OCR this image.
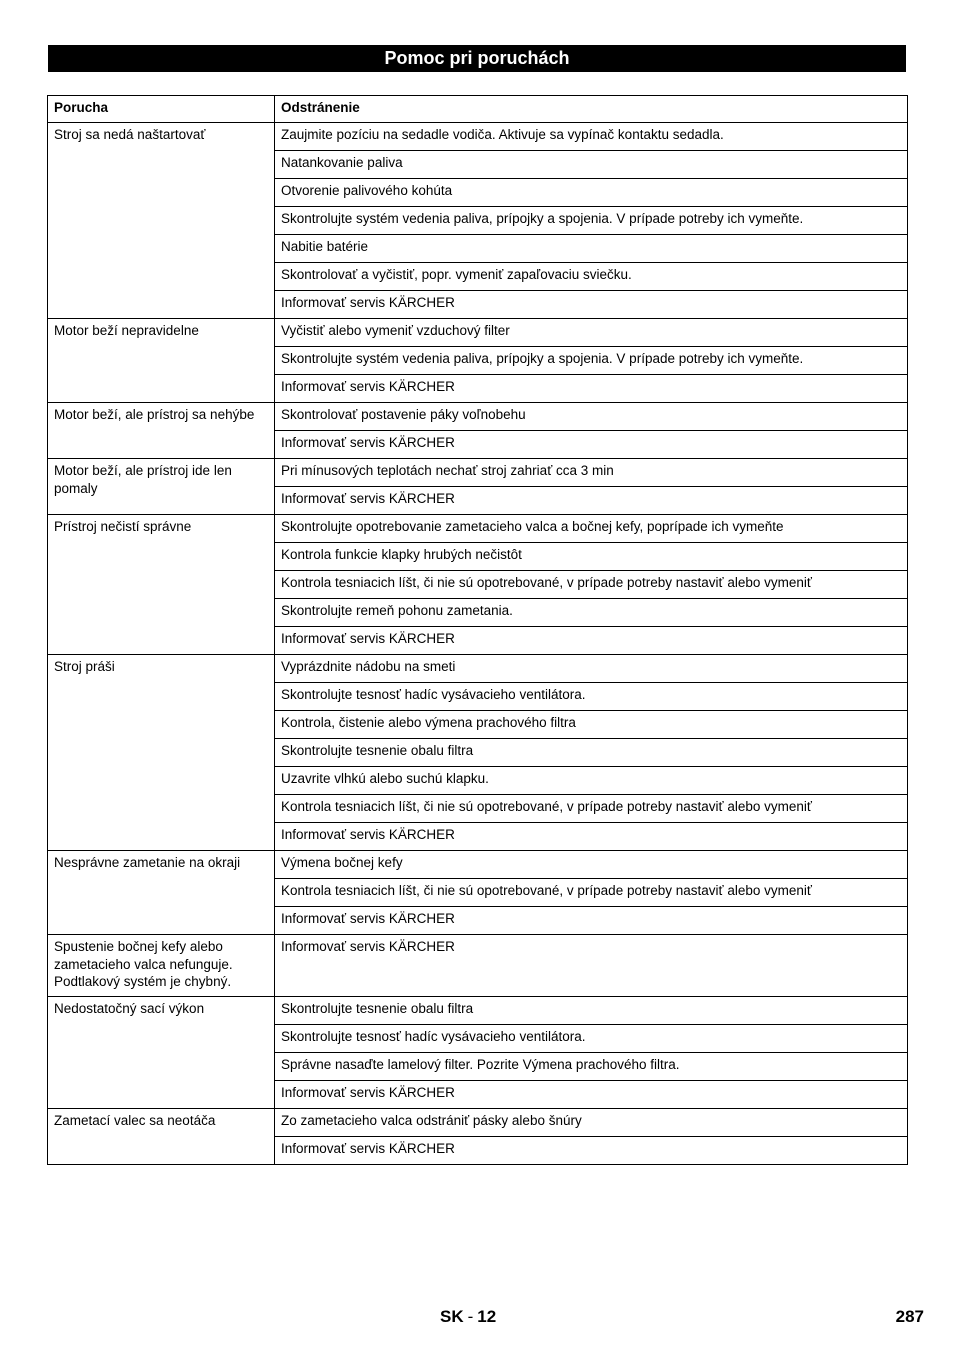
Pomoc pri poruchách
Porucha	Odstránenie
Stroj sa nedá naštartovať	Zaujmite pozíciu na sedadle vodiča. Aktivuje sa vypínač kontaktu sedadla.
	Natankovanie paliva
	Otvorenie palivového kohúta
	Skontrolujte systém vedenia paliva, prípojky a spojenia. V prípade potreby ich vymeňte.
	Nabitie batérie
	Skontrolovať a vyčistiť, popr. vymeniť zapaľovaciu sviečku.
	Informovať servis KÄRCHER
Motor beží nepravidelne	Vyčistiť alebo vymeniť vzduchový filter
	Skontrolujte systém vedenia paliva, prípojky a spojenia. V prípade potreby ich vymeňte.
	Informovať servis KÄRCHER
Motor beží, ale prístroj sa nehýbe	Skontrolovať postavenie páky voľnobehu
	Informovať servis KÄRCHER
Motor beží, ale prístroj ide len pomaly	Pri mínusových teplotách nechať stroj zahriať cca 3 min
	Informovať servis KÄRCHER
Prístroj nečistí správne	Skontrolujte opotrebovanie zametacieho valca a bočnej kefy, poprípade ich vymeňte
	Kontrola funkcie klapky hrubých nečistôt
	Kontrola tesniacich líšt, či nie sú opotrebované, v prípade potreby nastaviť alebo vymeniť
	Skontrolujte remeň pohonu zametania.
	Informovať servis KÄRCHER
Stroj práši	Vyprázdnite nádobu na smeti
	Skontrolujte tesnosť hadíc vysávacieho ventilátora.
	Kontrola, čistenie alebo výmena prachového filtra
	Skontrolujte tesnenie obalu filtra
	Uzavrite vlhkú alebo suchú klapku.
	Kontrola tesniacich líšt, či nie sú opotrebované, v prípade potreby nastaviť alebo vymeniť
	Informovať servis KÄRCHER
Nesprávne zametanie na okraji	Výmena bočnej kefy
	Kontrola tesniacich líšt, či nie sú opotrebované, v prípade potreby nastaviť alebo vymeniť
	Informovať servis KÄRCHER
Spustenie bočnej kefy alebo zametacieho valca nefunguje. Podtlakový systém je chybný.	Informovať servis KÄRCHER
Nedostatočný sací výkon	Skontrolujte tesnenie obalu filtra
	Skontrolujte tesnosť hadíc vysávacieho ventilátora.
	Správne nasaďte lamelový filter. Pozrite Výmena prachového filtra.
	Informovať servis KÄRCHER
Zametací valec sa neotáča	Zo zametacieho valca odstrániť pásky alebo šnúry
	Informovať servis KÄRCHER
SK - 12	287
